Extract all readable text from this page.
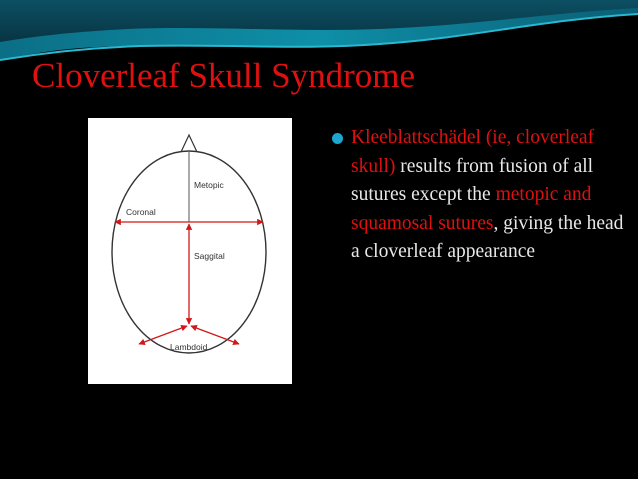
Cloverleaf Skull Syndrome
Metopic
Coronal
Saggital
Lambdoid

Kleeblattschädel (ie, cloverleaf skull) results from fusion of all sutures except the metopic and squamosal sutures, giving the head a cloverleaf appearance
